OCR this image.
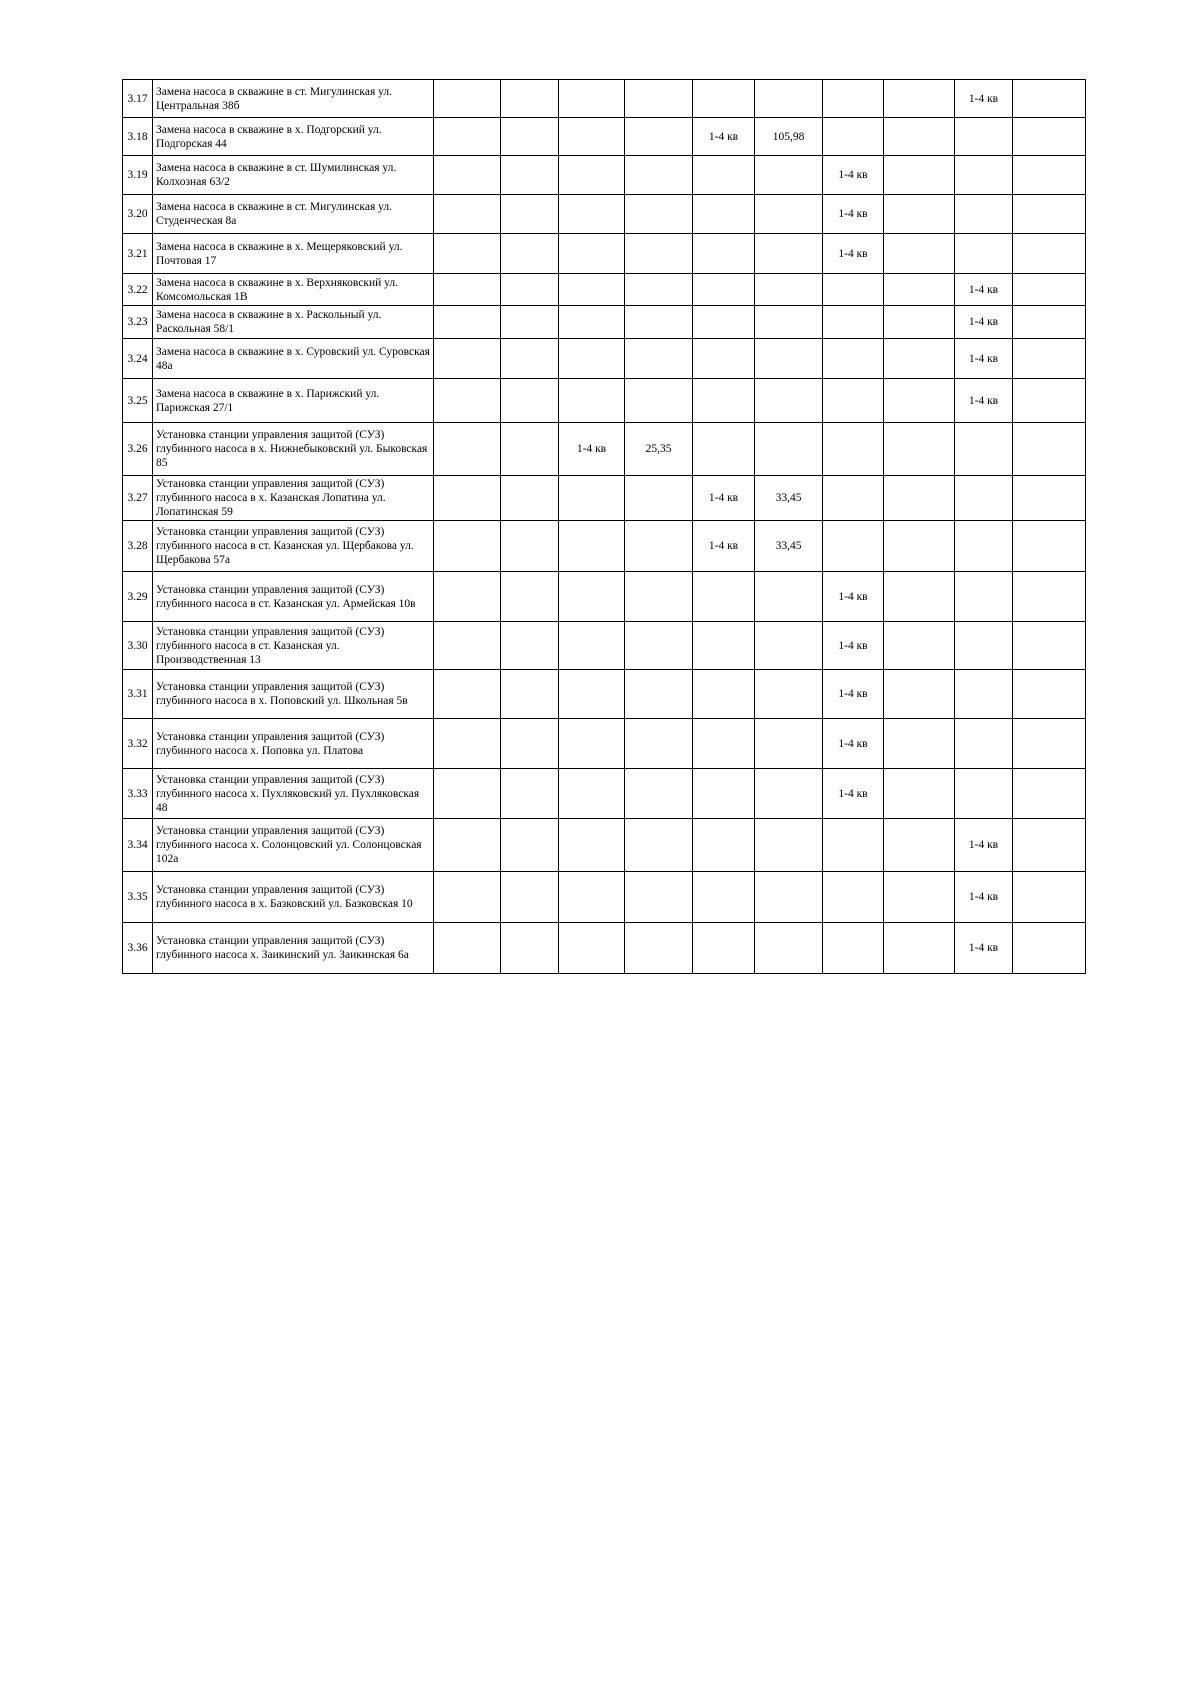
3.17	Замена насоса в скважине в ст. Мигулинская ул. Центральная 38б									1-4 кв	
3.18	Замена насоса в скважине в х. Подгорский ул. Подгорская 44					1-4 кв	105,98				
3.19	Замена насоса в скважине в ст. Шумилинская ул. Колхозная 63/2							1-4 кв			
3.20	Замена насоса в скважине в ст. Мигулинская ул. Студенческая 8а							1-4 кв			
3.21	Замена насоса в скважине в х. Мещеряковский ул. Почтовая 17							1-4 кв			
3.22	Замена насоса в скважине в х. Верхняковский ул. Комсомольская 1В									1-4 кв	
3.23	Замена насоса в скважине в х. Раскольный ул. Раскольная 58/1									1-4 кв	
3.24	Замена насоса в скважине в х. Суровский ул. Суровская 48а									1-4 кв	
3.25	Замена насоса в скважине в х. Парижский ул. Парижская 27/1									1-4 кв	
3.26	Установка станции управления защитой (СУЗ) глубинного насоса в х. Нижнебыковский ул. Быковская 85			1-4 кв	25,35						
3.27	Установка станции управления защитой (СУЗ) глубинного насоса в х. Казанская Лопатина ул. Лопатинская 59					1-4 кв	33,45				
3.28	Установка станции управления защитой (СУЗ) глубинного насоса в ст. Казанская ул. Щербакова ул. Щербакова 57а					1-4 кв	33,45				
3.29	Установка станции управления защитой (СУЗ) глубинного насоса в ст. Казанская ул. Армейская 10в							1-4 кв			
3.30	Установка станции управления защитой (СУЗ) глубинного насоса в ст. Казанская ул. Производственная 13							1-4 кв			
3.31	Установка станции управления защитой (СУЗ) глубинного насоса в х. Поповский ул. Школьная 5в							1-4 кв			
3.32	Установка станции управления защитой (СУЗ) глубинного насоса х. Поповка ул. Платова							1-4 кв			
3.33	Установка станции управления защитой (СУЗ) глубинного насоса х. Пухляковский ул. Пухляковская 48							1-4 кв			
3.34	Установка станции управления защитой (СУЗ) глубинного насоса х. Солонцовский ул. Солонцовская 102а									1-4 кв	
3.35	Установка станции управления защитой (СУЗ) глубинного насоса в х. Базковский ул. Базковская 10									1-4 кв	
3.36	Установка станции управления защитой (СУЗ) глубинного насоса х. Заикинский ул. Заикинская 6а									1-4 кв	
